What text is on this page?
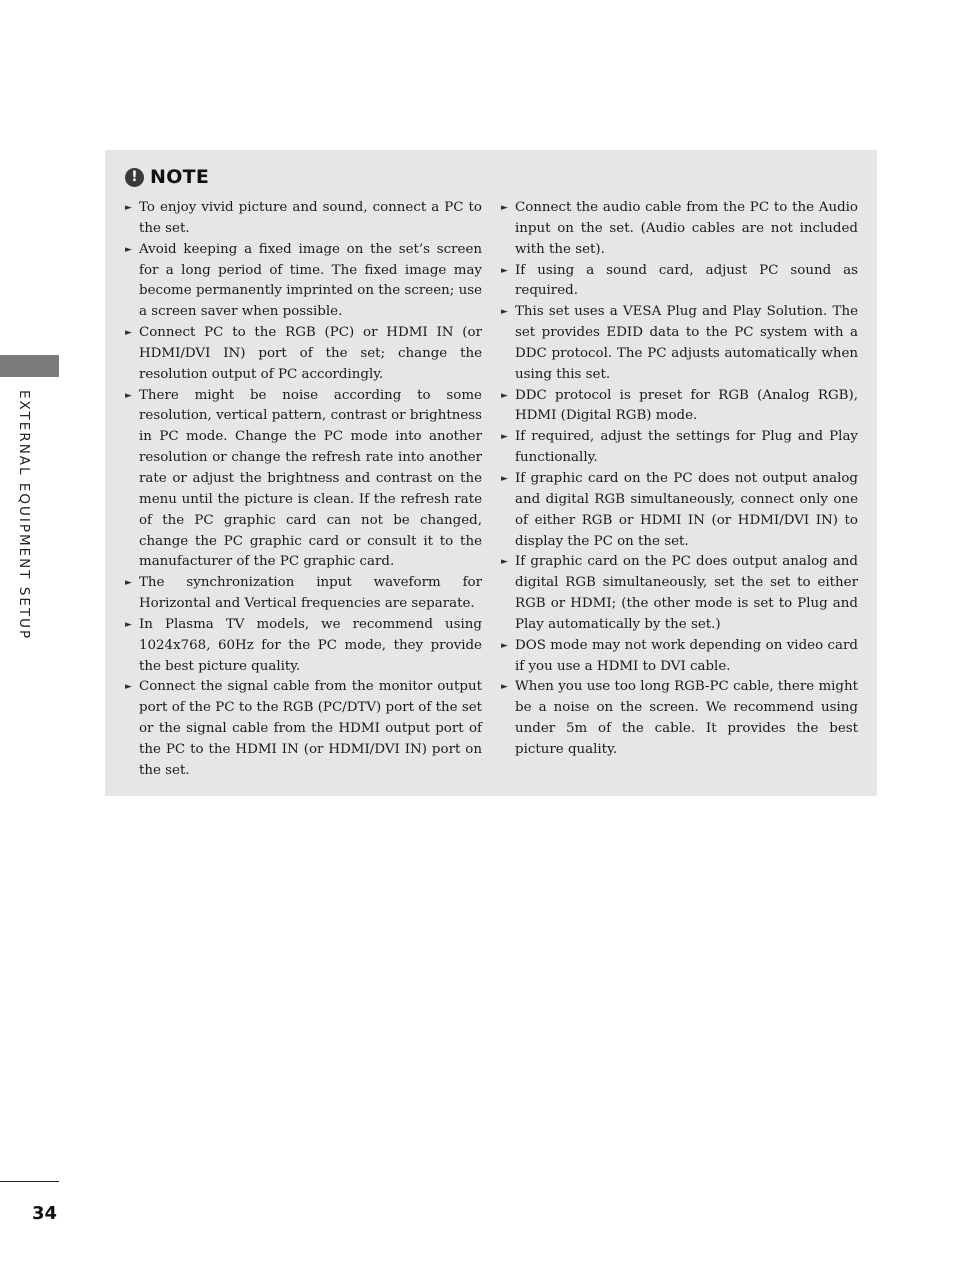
EXTERNAL EQUIPMENT SETUP
! NOTE
► To enjoy vivid picture and sound, connect a PC to the set.
► Avoid keeping a fixed image on the set’s screen for a long period of time. The fixed image may become permanently imprinted on the screen; use a screen saver when possible.
► Connect PC to the RGB (PC) or HDMI IN (or HDMI/DVI IN) port of the set; change the resolution output of PC accordingly.
► There might be noise according to some resolution, vertical pattern, contrast or brightness in PC mode. Change the PC mode into another resolution or change the refresh rate into another rate or adjust the brightness and contrast on the menu until the picture is clean. If the refresh rate of the PC graphic card can not be changed, change the PC graphic card or consult it to the manufacturer of the PC graphic card.
► The synchronization input waveform for Horizontal and Vertical frequencies are separate.
► In Plasma TV models, we recommend using 1024x768, 60Hz for the PC mode, they provide the best picture quality.
► Connect the signal cable from the monitor output port of the PC to the RGB (PC/DTV) port of the set or the signal cable from the HDMI output port of the PC to the HDMI IN (or HDMI/DVI IN) port on the set.
► Connect the audio cable from the PC to the Audio input on the set. (Audio cables are not included with the set).
► If using a sound card, adjust PC sound as required.
► This set uses a VESA Plug and Play Solution. The set provides EDID data to the PC system with a DDC protocol. The PC adjusts automatically when using this set.
► DDC protocol is preset for RGB (Analog RGB), HDMI (Digital RGB) mode.
► If required, adjust the settings for Plug and Play functionally.
► If graphic card on the PC does not output analog and digital RGB simultaneously, connect only one of either RGB or HDMI IN (or HDMI/DVI IN) to display the PC on the set.
► If graphic card on the PC does output analog and digital RGB simultaneously, set the set to either RGB or HDMI; (the other mode is set to Plug and Play automatically by the set.)
► DOS mode may not work depending on video card if you use a HDMI to DVI cable.
► When you use too long RGB-PC cable, there might be a noise on the screen. We recommend using under 5m of the cable. It provides the best picture quality.
34
